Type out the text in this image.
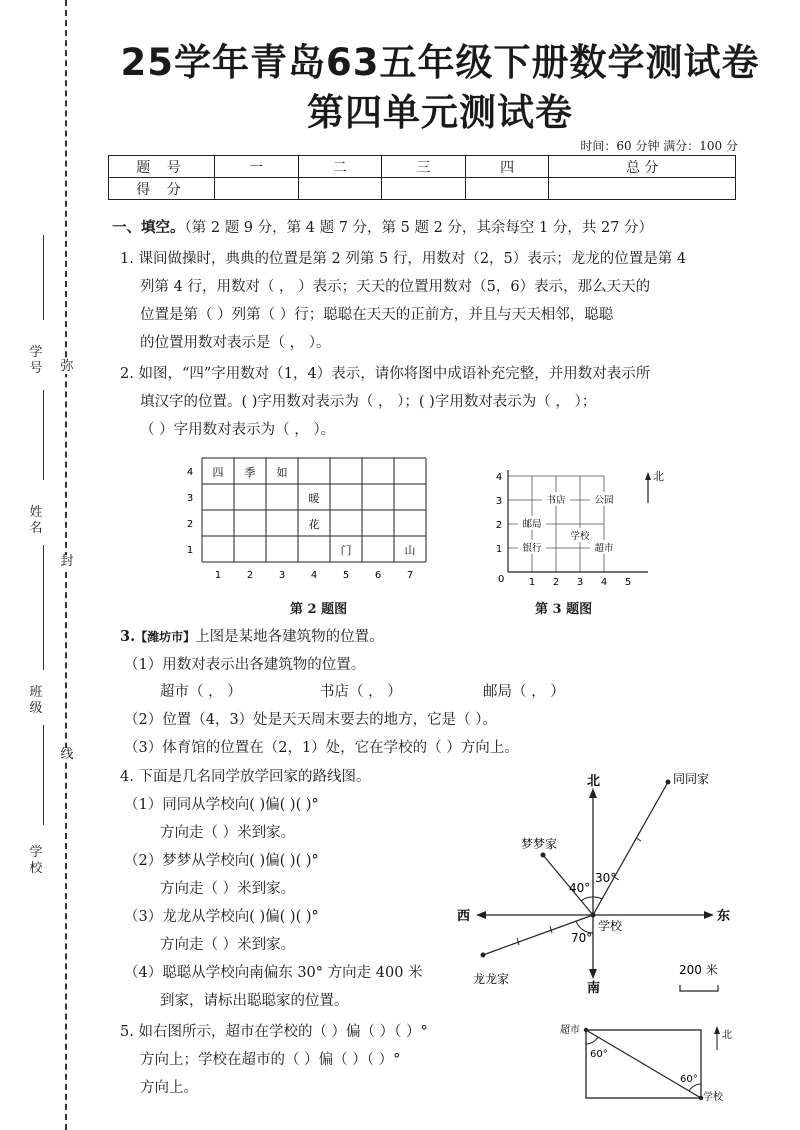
学号
姓名
班级
学校
弥
封
线
25学年青岛63五年级下册数学测试卷
第四单元测试卷
时间：60 分钟 满分：100 分
题 号	一	二	三	四	总 分
得 分					
一、填空。（第 2 题 9 分，第 4 题 7 分，第 5 题 2 分，其余每空 1 分，共 27 分）
1. 课间做操时，典典的位置是第 2 列第 5 行，用数对（2，5）表示；龙龙的位置是第 4
列第 4 行，用数对（ ， ）表示；天天的位置用数对（5，6）表示，那么天天的
位置是第（ ）列第（ ）行；聪聪在天天的正前方，并且与天天相邻，聪聪
的位置用数对表示是（ ， ）。
2. 如图，“四”字用数对（1，4）表示，请你将图中成语补充完整，并用数对表示所
填汉字的位置。( )字用数对表示为（ ， ）；( )字用数对表示为（ ， ）；
（ ）字用数对表示为（ ， ）。
四 季 如
暖
花
门	山
1	2	3	4	5	6	7
1
2
3
4
第 2 题图
书店	公园
邮局
学校
银行	超市
0 1 2 3 4 5
1
2
3
4	北
第 3 题图
3.【潍坊市】上图是某地各建筑物的位置。
（1）用数对表示出各建筑物的位置。
超市（ ， ）	书店（ ， ）	邮局（ ， ）
（2）位置（4，3）处是天天周末要去的地方，它是（ ）。
（3）体育馆的位置在（2，1）处，它在学校的（ ）方向上。
4. 下面是几名同学放学回家的路线图。
（1）同同从学校向( )偏( )( )°
方向走（ ）米到家。
（2）梦梦从学校向( )偏( )( )°
方向走（ ）米到家。
（3）龙龙从学校向( )偏( )( )°
方向走（ ）米到家。
（4）聪聪从学校向南偏东 30° 方向走 400 米
到家，请标出聪聪家的位置。
北
南
西	东
同同家
梦梦家
龙龙家
30°
40°
70°
学校
200 米
5. 如右图所示，超市在学校的（ ）偏（ ）（ ）°
方向上；学校在超市的（ ）偏（ ）（ ）°
方向上。
超市
学校
60°
60°
北
